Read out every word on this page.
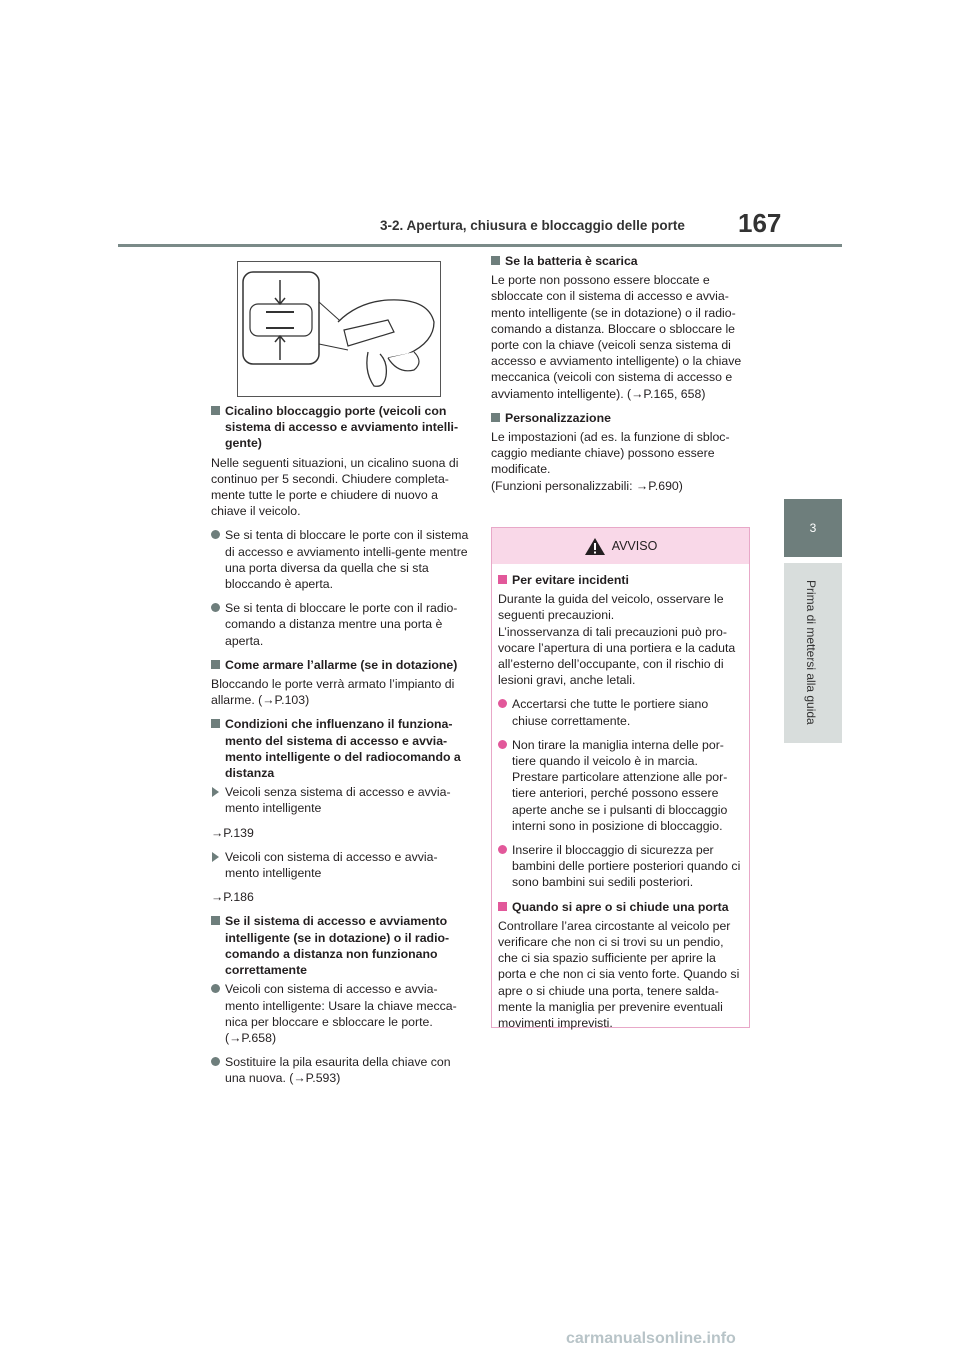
3-2. Apertura, chiusura e bloccaggio delle porte 167
3
Prima di mettersi alla guida

Cicalino bloccaggio porte (veicoli con sistema di accesso e avviamento intelli-gente)

Nelle seguenti situazioni, un cicalino suona di continuo per 5 secondi. Chiudere completa-mente tutte le porte e chiudere di nuovo a chiave il veicolo.

Se si tenta di bloccare le porte con il sistema di accesso e avviamento intelli-gente mentre una porta diversa da quella che si sta bloccando è aperta.

Se si tenta di bloccare le porte con il radio-comando a distanza mentre una porta è aperta.

Come armare l’allarme (se in dotazione)

Bloccando le porte verrà armato l’impianto di allarme. (→P.103)

Condizioni che influenzano il funziona-mento del sistema di accesso e avvia-mento intelligente o del radiocomando a distanza

Veicoli senza sistema di accesso e avvia-mento intelligente

→P.139

Veicoli con sistema di accesso e avvia-mento intelligente

→P.186

Se il sistema di accesso e avviamento intelligente (se in dotazione) o il radio-comando a distanza non funzionano correttamente

Veicoli con sistema di accesso e avvia-mento intelligente: Usare la chiave mecca-nica per bloccare e sbloccare le porte. (→P.658)

Sostituire la pila esaurita della chiave con una nuova. (→P.593)

Se la batteria è scarica

Le porte non possono essere bloccate e sbloccate con il sistema di accesso e avvia-mento intelligente (se in dotazione) o il radio-comando a distanza. Bloccare o sbloccare le porte con la chiave (veicoli senza sistema di accesso e avviamento intelligente) o la chiave meccanica (veicoli con sistema di accesso e avviamento intelligente). (→P.165, 658)

Personalizzazione

Le impostazioni (ad es. la funzione di sbloc-caggio mediante chiave) possono essere modificate.

(Funzioni personalizzabili: →P.690)

AVVISO

Per evitare incidenti

Durante la guida del veicolo, osservare le seguenti precauzioni.

L’inosservanza di tali precauzioni può pro-vocare l’apertura di una portiera e la caduta all’esterno dell’occupante, con il rischio di lesioni gravi, anche letali.

Accertarsi che tutte le portiere siano chiuse correttamente.

Non tirare la maniglia interna delle por-tiere quando il veicolo è in marcia. Prestare particolare attenzione alle por-tiere anteriori, perché possono essere aperte anche se i pulsanti di bloccaggio interni sono in posizione di bloccaggio.

Inserire il bloccaggio di sicurezza per bambini delle portiere posteriori quando ci sono bambini sui sedili posteriori.

Quando si apre o si chiude una porta

Controllare l’area circostante al veicolo per verificare che non ci si trovi su un pendio, che ci sia spazio sufficiente per aprire la porta e che non ci sia vento forte. Quando si apre o si chiude una porta, tenere salda-mente la maniglia per prevenire eventuali movimenti imprevisti.

carmanualsonline.info
